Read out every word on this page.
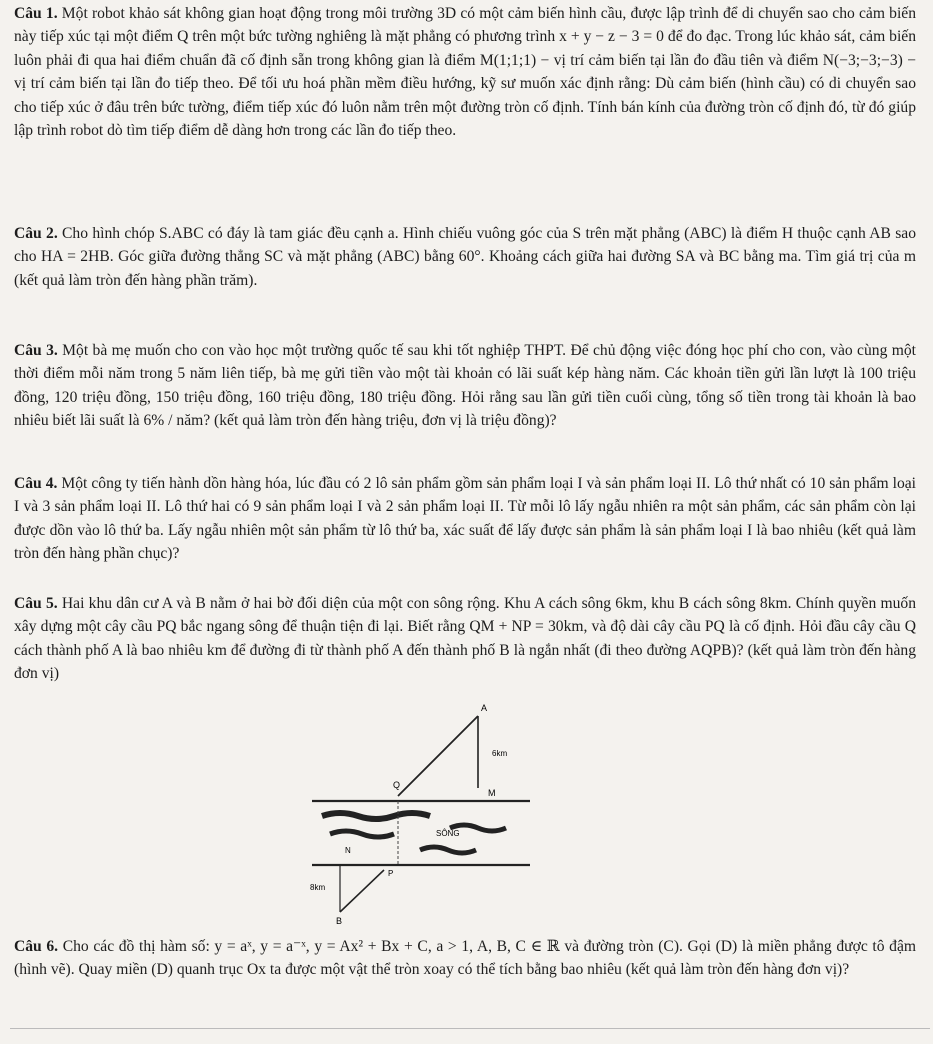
Câu 1. Một robot khảo sát không gian hoạt động trong môi trường 3D có một cảm biến hình cầu, được lập trình để di chuyển sao cho cảm biến này tiếp xúc tại một điểm Q trên một bức tường nghiêng là mặt phẳng có phương trình x + y − z − 3 = 0 để đo đạc. Trong lúc khảo sát, cảm biến luôn phải đi qua hai điểm chuẩn đã cố định sẵn trong không gian là điểm M(1;1;1) − vị trí cảm biến tại lần đo đầu tiên và điểm N(−3;−3;−3) − vị trí cảm biến tại lần đo tiếp theo. Để tối ưu hoá phần mềm điều hướng, kỹ sư muốn xác định rằng: Dù cảm biến (hình cầu) có di chuyển sao cho tiếp xúc ở đâu trên bức tường, điểm tiếp xúc đó luôn nằm trên một đường tròn cố định. Tính bán kính của đường tròn cố định đó, từ đó giúp lập trình robot dò tìm tiếp điểm dễ dàng hơn trong các lần đo tiếp theo.

Câu 2. Cho hình chóp S.ABC có đáy là tam giác đều cạnh a. Hình chiếu vuông góc của S trên mặt phẳng (ABC) là điểm H thuộc cạnh AB sao cho HA = 2HB. Góc giữa đường thẳng SC và mặt phẳng (ABC) bằng 60°. Khoảng cách giữa hai đường SA và BC bằng ma. Tìm giá trị của m (kết quả làm tròn đến hàng phần trăm).

Câu 3. Một bà mẹ muốn cho con vào học một trường quốc tế sau khi tốt nghiệp THPT. Để chủ động việc đóng học phí cho con, vào cùng một thời điểm mỗi năm trong 5 năm liên tiếp, bà mẹ gửi tiền vào một tài khoản có lãi suất kép hàng năm. Các khoản tiền gửi lần lượt là 100 triệu đồng, 120 triệu đồng, 150 triệu đồng, 160 triệu đồng, 180 triệu đồng. Hỏi rằng sau lần gửi tiền cuối cùng, tổng số tiền trong tài khoản là bao nhiêu biết lãi suất là 6% / năm? (kết quả làm tròn đến hàng triệu, đơn vị là triệu đồng)?

Câu 4. Một công ty tiến hành dồn hàng hóa, lúc đầu có 2 lô sản phẩm gồm sản phẩm loại I và sản phẩm loại II. Lô thứ nhất có 10 sản phẩm loại I và 3 sản phẩm loại II. Lô thứ hai có 9 sản phẩm loại I và 2 sản phẩm loại II. Từ mỗi lô lấy ngẫu nhiên ra một sản phẩm, các sản phẩm còn lại được dồn vào lô thứ ba. Lấy ngẫu nhiên một sản phẩm từ lô thứ ba, xác suất để lấy được sản phẩm là sản phẩm loại I là bao nhiêu (kết quả làm tròn đến hàng phần chục)?

Câu 5. Hai khu dân cư A và B nằm ở hai bờ đối diện của một con sông rộng. Khu A cách sông 6km, khu B cách sông 8km. Chính quyền muốn xây dựng một cây cầu PQ bắc ngang sông để thuận tiện đi lại. Biết rằng QM + NP = 30km, và độ dài cây cầu PQ là cố định. Hỏi đầu cây cầu Q cách thành phố A là bao nhiêu km để đường đi từ thành phố A đến thành phố B là ngắn nhất (đi theo đường AQPB)? (kết quả làm tròn đến hàng đơn vị)

A
6km
Q
M
SÔNG
N
P
8km
B

Câu 6. Cho các đồ thị hàm số: y = aˣ, y = a⁻ˣ, y = Ax² + Bx + C, a > 1, A, B, C ∈ ℝ và đường tròn (C). Gọi (D) là miền phẳng được tô đậm (hình vẽ). Quay miền (D) quanh trục Ox ta được một vật thể tròn xoay có thể tích bằng bao nhiêu (kết quả làm tròn đến hàng đơn vị)?
